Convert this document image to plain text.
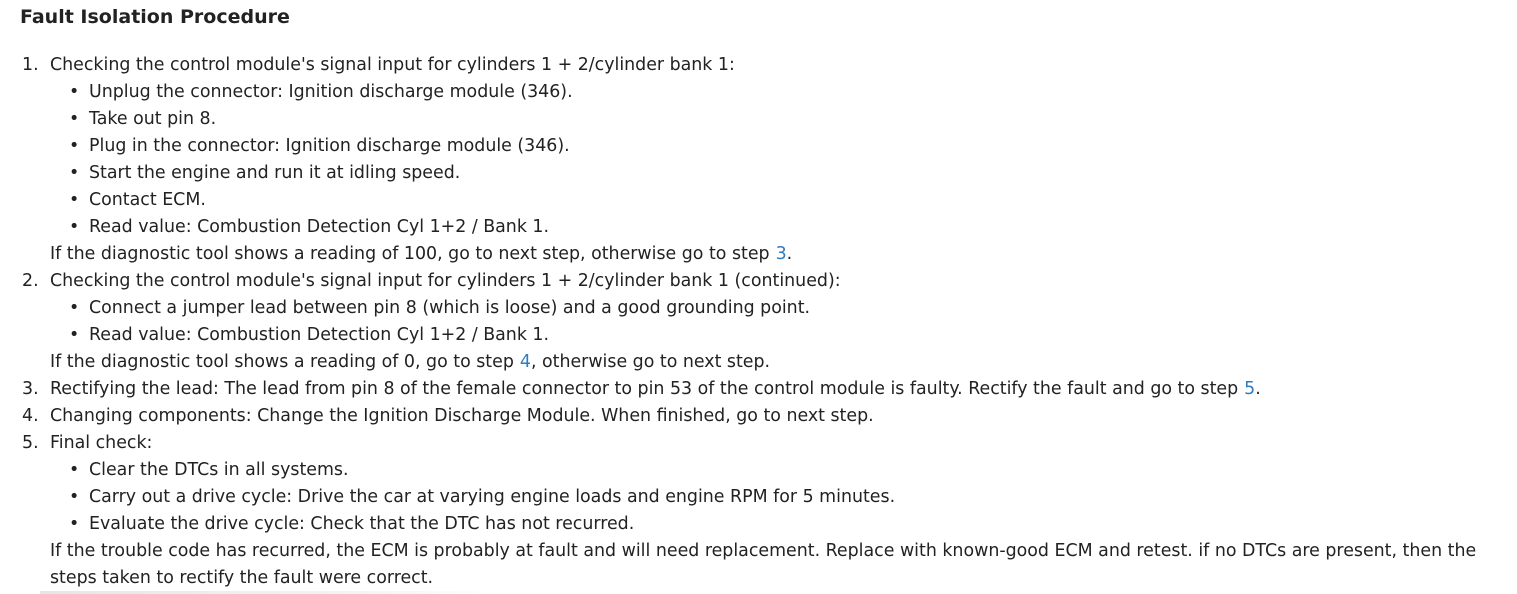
Fault Isolation Procedure
1. Checking the control module's signal input for cylinders 1 + 2/cylinder bank 1:
• Unplug the connector: Ignition discharge module (346).
• Take out pin 8.
• Plug in the connector: Ignition discharge module (346).
• Start the engine and run it at idling speed.
• Contact ECM.
• Read value: Combustion Detection Cyl 1+2 / Bank 1.
If the diagnostic tool shows a reading of 100, go to next step, otherwise go to step 3.
2. Checking the control module's signal input for cylinders 1 + 2/cylinder bank 1 (continued):
• Connect a jumper lead between pin 8 (which is loose) and a good grounding point.
• Read value: Combustion Detection Cyl 1+2 / Bank 1.
If the diagnostic tool shows a reading of 0, go to step 4, otherwise go to next step.
3. Rectifying the lead: The lead from pin 8 of the female connector to pin 53 of the control module is faulty. Rectify the fault and go to step 5.
4. Changing components: Change the Ignition Discharge Module. When finished, go to next step.
5. Final check:
• Clear the DTCs in all systems.
• Carry out a drive cycle: Drive the car at varying engine loads and engine RPM for 5 minutes.
• Evaluate the drive cycle: Check that the DTC has not recurred.
If the trouble code has recurred, the ECM is probably at fault and will need replacement. Replace with known-good ECM and retest. if no DTCs are present, then the steps taken to rectify the fault were correct.
